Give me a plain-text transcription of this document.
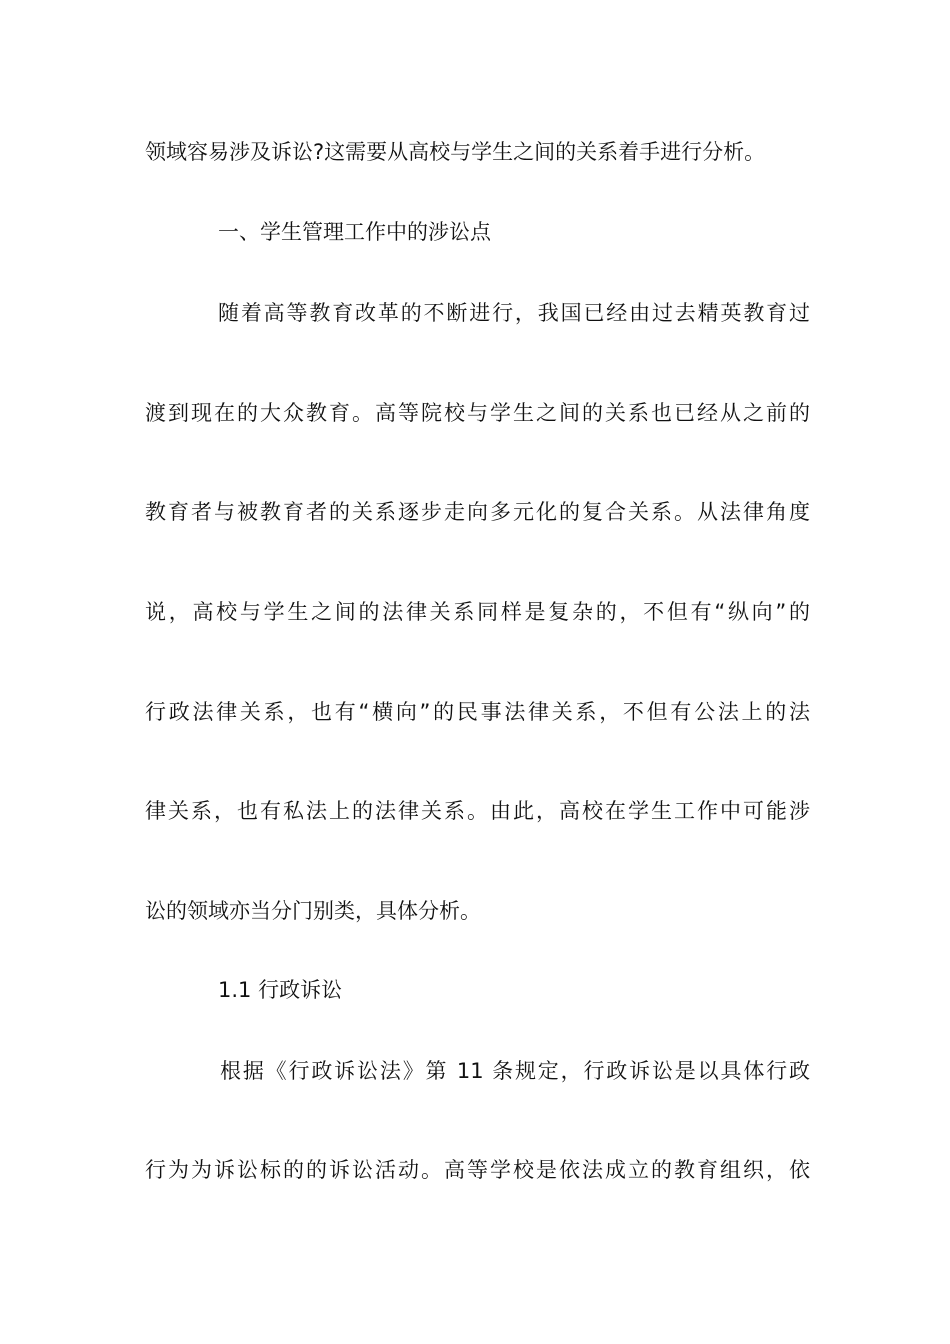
领域容易涉及诉讼?这需要从高校与学生之间的关系着手进行分析。
一、学生管理工作中的涉讼点
随着高等教育改革的不断进行，我国已经由过去精英教育过
渡到现在的大众教育。高等院校与学生之间的关系也已经从之前的
教育者与被教育者的关系逐步走向多元化的复合关系。从法律角度
说，高校与学生之间的法律关系同样是复杂的，不但有“纵向”的
行政法律关系，也有“横向”的民事法律关系，不但有公法上的法
律关系，也有私法上的法律关系。由此，高校在学生工作中可能涉
讼的领域亦当分门别类，具体分析。
1.1 行政诉讼
根据《行政诉讼法》第 11 条规定，行政诉讼是以具体行政
行为为诉讼标的的诉讼活动。高等学校是依法成立的教育组织，依
